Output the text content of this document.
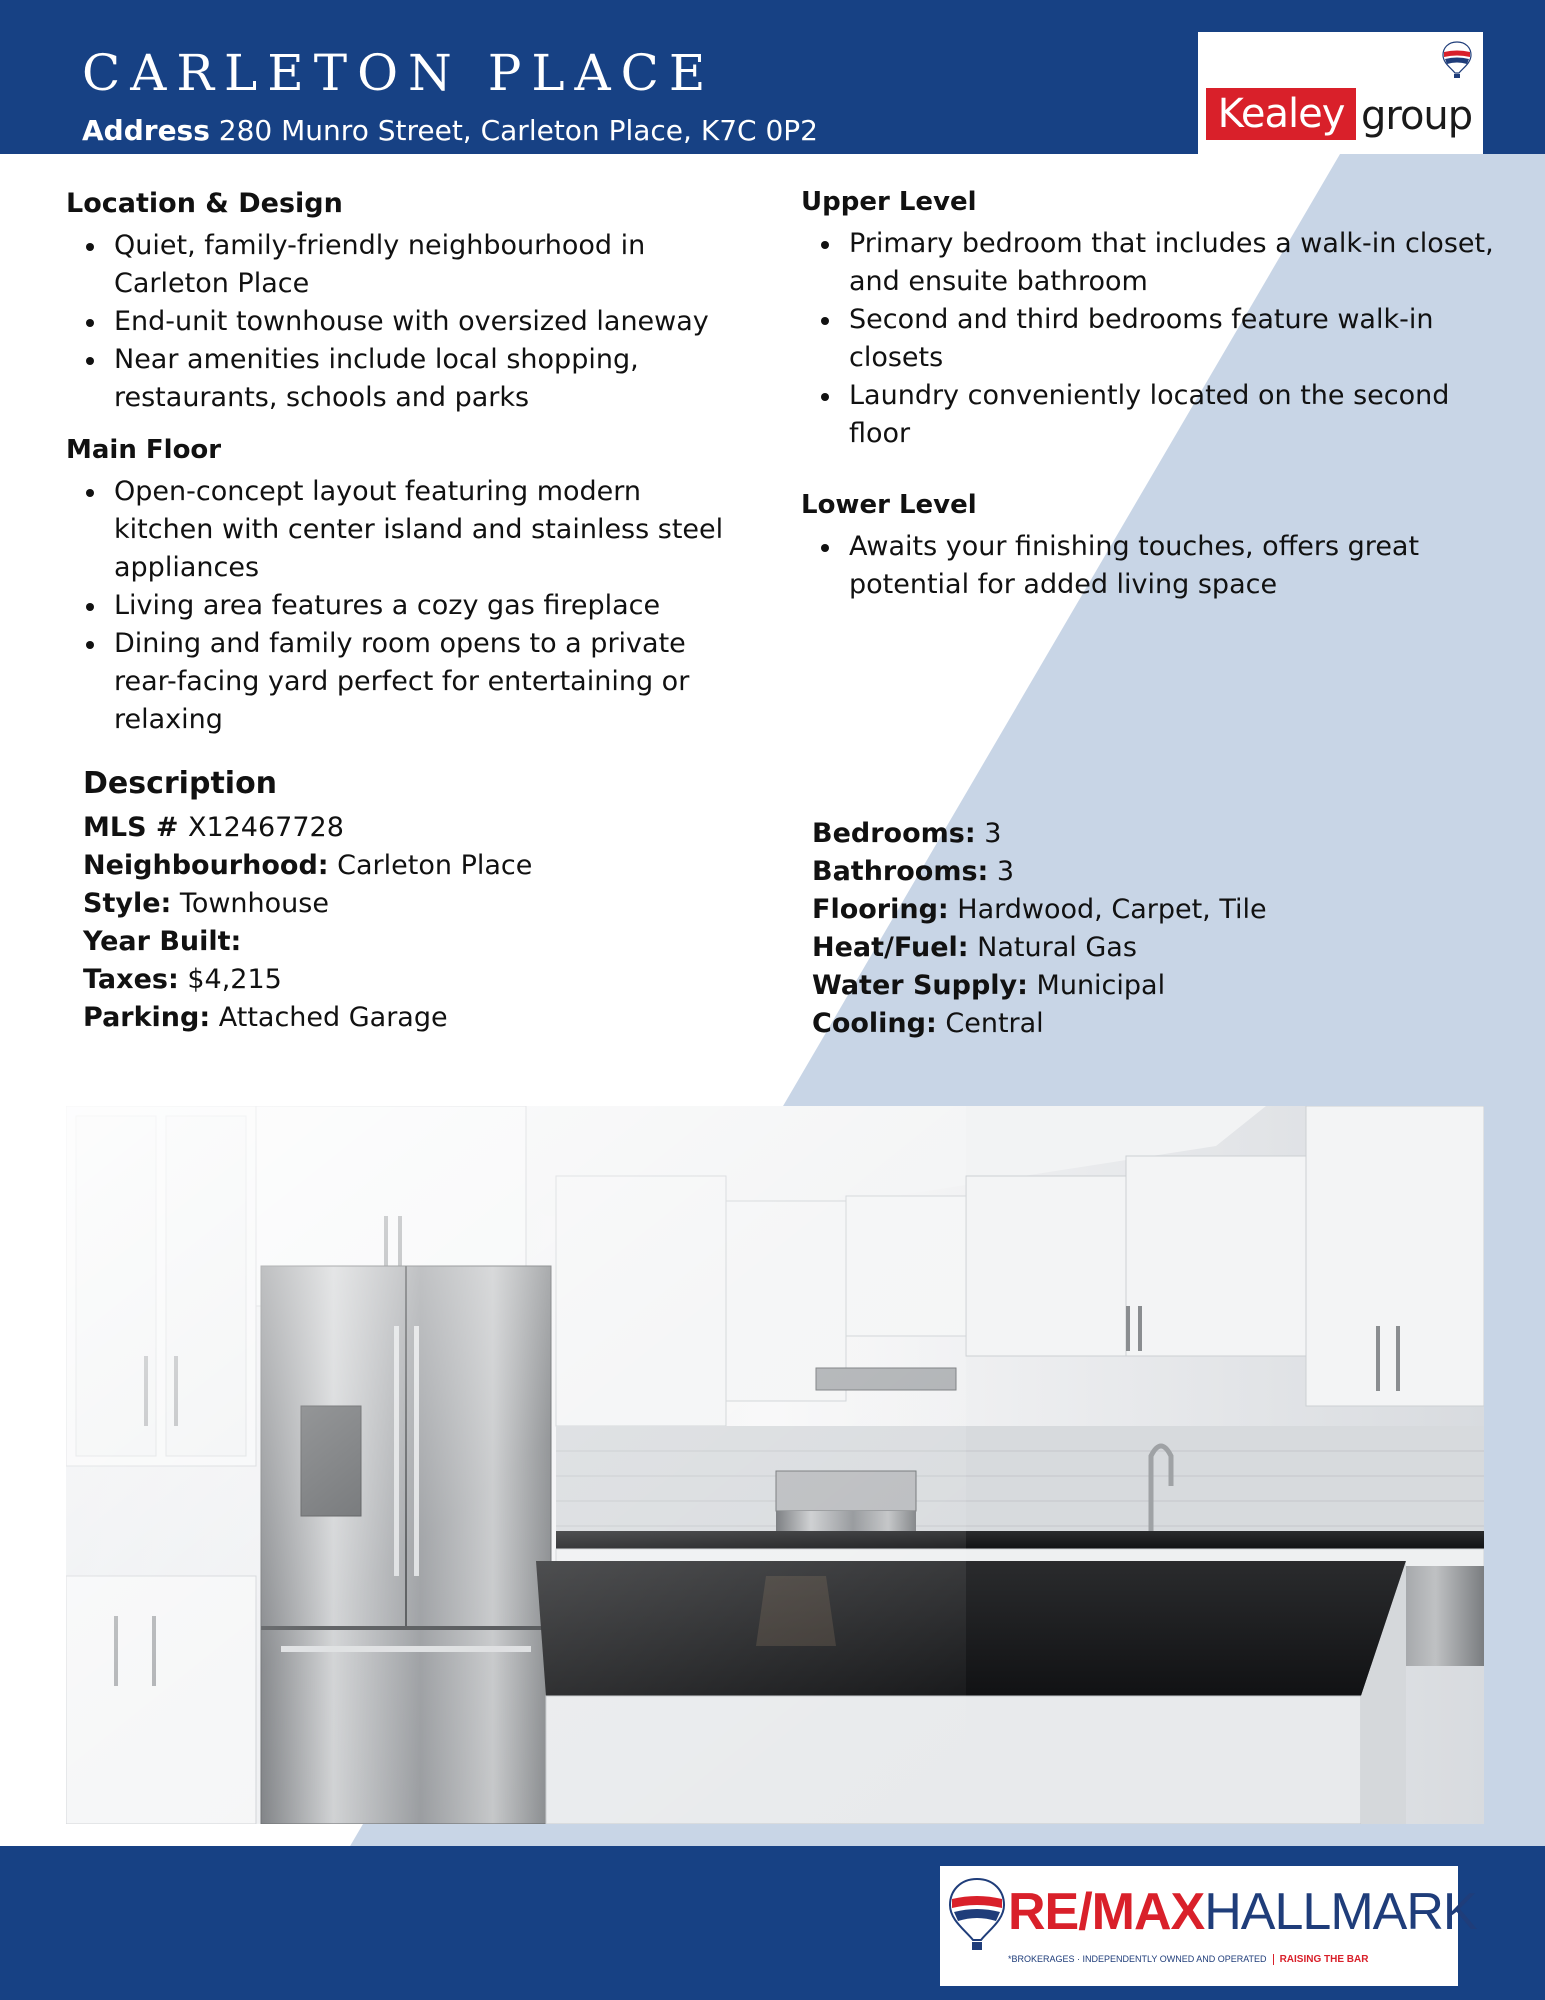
CARLETON PLACE
Address 280 Munro Street, Carleton Place, K7C 0P2	Kealey group
Location & Design
Quiet, family-friendly neighbourhood in Carleton Place
End-unit townhouse with oversized laneway
Near amenities include local shopping, restaurants, schools and parks
Main Floor
Open-concept layout featuring modern kitchen with center island and stainless steel appliances
Living area features a cozy gas fireplace
Dining and family room opens to a private rear-facing yard perfect for entertaining or relaxing
Upper Level
Primary bedroom that includes a walk-in closet, and ensuite bathroom
Second and third bedrooms feature walk-in closets
Laundry conveniently located on the second floor
Lower Level
Awaits your finishing touches, offers great potential for added living space
Description
MLS # X12467728
Neighbourhood: Carleton Place
Style: Townhouse
Year Built:
Taxes: $4,215
Parking: Attached Garage
Bedrooms: 3
Bathrooms: 3
Flooring: Hardwood, Carpet, Tile
Heat/Fuel: Natural Gas
Water Supply: Municipal
Cooling: Central
RE/MAXHALLMARK
*BROKERAGES · INDEPENDENTLY OWNED AND OPERATED RAISING THE BAR
